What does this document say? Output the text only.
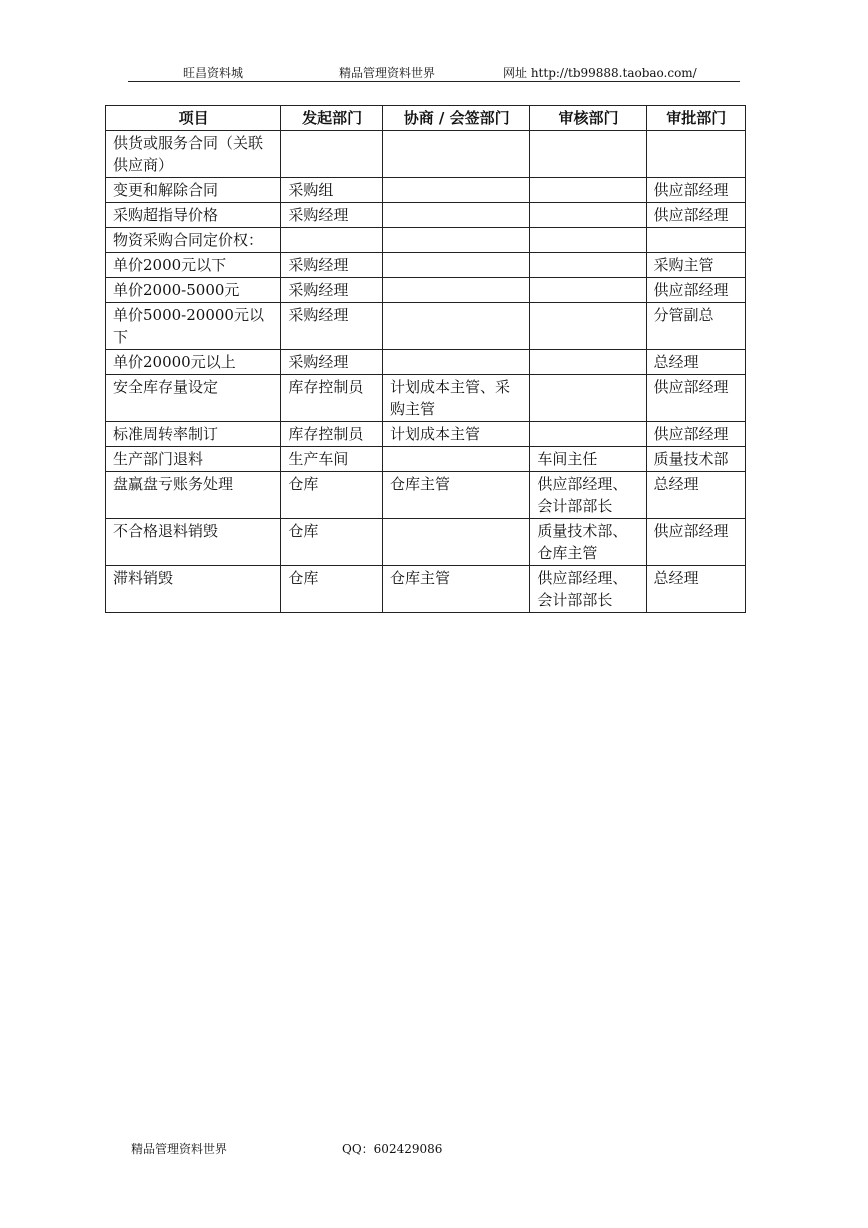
旺昌资料城	精品管理资料世界	网址 http://tb99888.taobao.com/
项目	发起部门	协商 / 会签部门	审核部门	审批部门
供货或服务合同（关联供应商）				
变更和解除合同	采购组			供应部经理
采购超指导价格	采购经理			供应部经理
物资采购合同定价权：				
单价2000元以下	采购经理			采购主管
单价2000-5000元	采购经理			供应部经理
单价5000-20000元以下	采购经理			分管副总
单价20000元以上	采购经理			总经理
安全库存量设定	库存控制员	计划成本主管、采购主管		供应部经理
标准周转率制订	库存控制员	计划成本主管		供应部经理
生产部门退料	生产车间		车间主任	质量技术部
盘赢盘亏账务处理	仓库	仓库主管	供应部经理、会计部部长	总经理
不合格退料销毁	仓库		质量技术部、仓库主管	供应部经理
滞料销毁	仓库	仓库主管	供应部经理、会计部部长	总经理
精品管理资料世界	QQ：602429086
